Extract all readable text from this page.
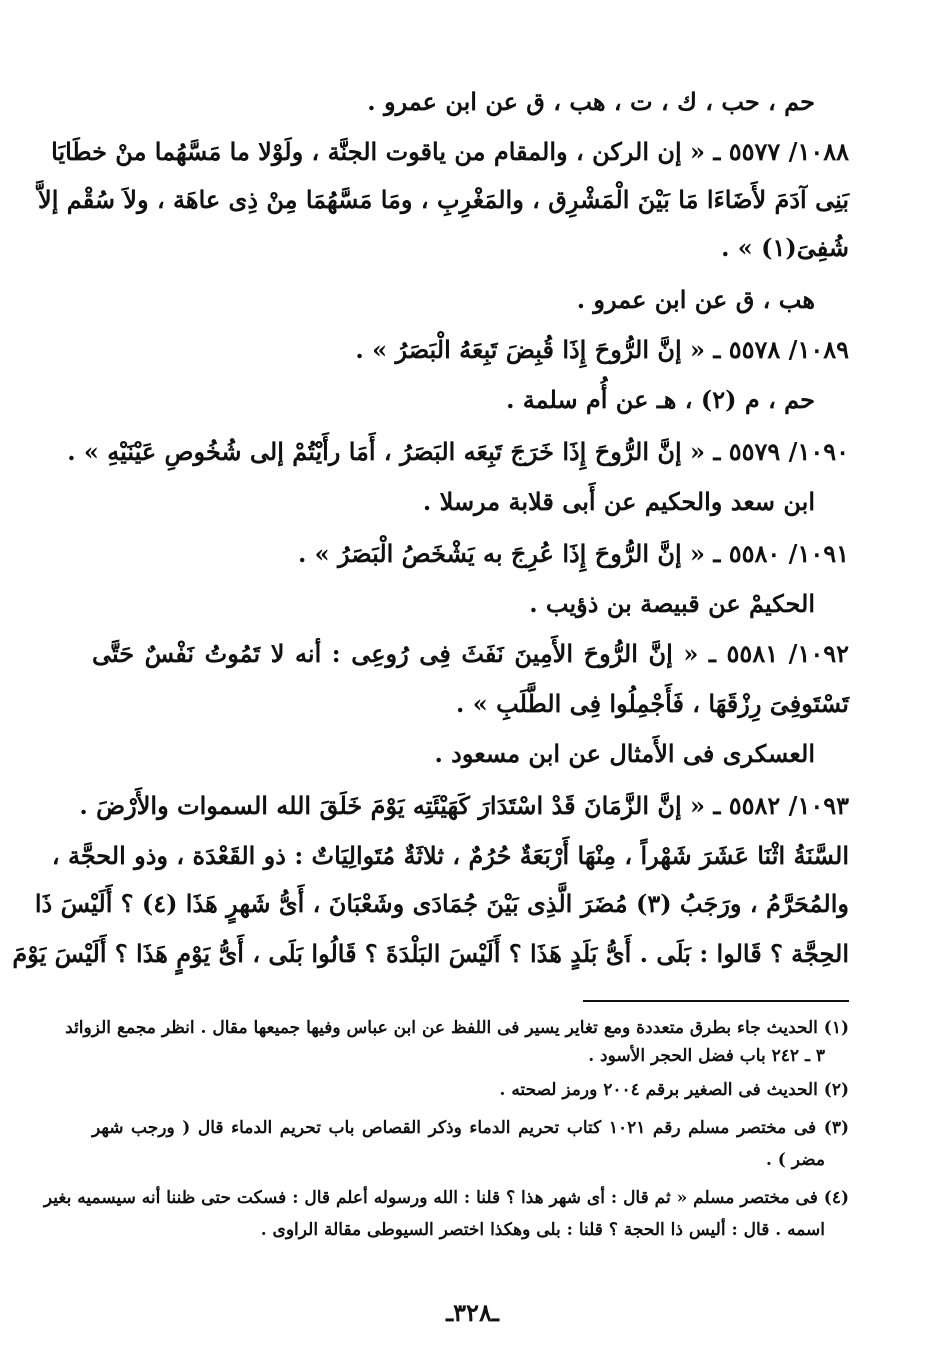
حم ، حب ، ك ، ت ، هب ، ق عن ابن عمرو .
١٠٨٨/ ٥٥٧٧ ـ « إن الركن ، والمقام من ياقوت الجنَّة ، ولَوْلا ما مَسَّهُما منْ خطَايَا
بَنِى آدَمَ لأَضَاءَا مَا بَيْنَ الْمَشْرِق ، والمَغْرِبِ ، ومَا مَسَّهُمَا مِنْ ذِى عاهَة ، ولاَ سُقْم إلاَّ
شُفِىَ(١) » .
هب ، ق عن ابن عمرو .
١٠٨٩/ ٥٥٧٨ ـ « إنَّ الرُّوحَ إِذَا قُبِضَ تَبِعَهُ الْبَصَرُ » .
حم ، م (٢) ، هـ عن أُم سلمة .
١٠٩٠/ ٥٥٧٩ ـ « إنَّ الرُّوحَ إِذَا خَرَجَ تَبِعَه البَصَرُ ، أَمَا رأَيْتُمْ إلى شُخُوصِ عَيْنَيْهِ » .
ابن سعد والحكيم عن أَبى قلابة مرسلا .
١٠٩١/ ٥٥٨٠ ـ « إنَّ الرُّوحَ إِذَا عُرِجَ به يَشْخَصُ الْبَصَرُ » .
الحكيمْ عن قبيصة بن ذؤيب .
١٠٩٢/ ٥٥٨١ ـ « إنَّ الرُّوحَ الأَمِينَ نَفَثَ فِى رُوعِى : أنه لا تَمُوتُ نَفْسٌ حَتَّى
تَسْتَوفِىَ رِزْقَهَا ، فَأَجْمِلُوا فِى الطَّلَبِ » .
العسكرى فى الأَمثال عن ابن مسعود .
١٠٩٣/ ٥٥٨٢ ـ « إنَّ الزَّمَانَ قَدْ اسْتَدَارَ كَهَيْئَتِه يَوْمَ خَلَقَ الله السموات والأَرْضَ .
السَّنَةُ اثْنَا عَشَرَ شَهْراً ، مِنْهَا أَرْبَعَةٌ حُرُمٌ ، ثلاثَةٌ مُتَوالِيَاتٌ : ذو القَعْدَة ، وذو الحجَّة ،
والمُحَرَّمُ ، ورَجَبُ (٣) مُضَرَ الَّذِى بَيْنَ جُمَادَى وشَعْبَانَ ، أَىُّ شَهرٍ هَذَا (٤) ؟ أَلَيْسَ ذَا
الحِجَّة ؟ قَالوا : بَلَى . أَىُّ بَلَدٍ هَذَا ؟ أَلَيْسَ البَلْدَةَ ؟ قَالُوا بَلَى ، أَىُّ يَوْمٍ هَذَا ؟ أَلَيْسَ يَوْمَ
(١) الحديث جاء بطرق متعددة ومع تغاير يسير فى اللفظ عن ابن عباس وفيها جميعها مقال . انظر مجمع الزوائد
٣ ـ ٢٤٢ باب فضل الحجر الأسود .
(٢) الحديث فى الصغير برقم ٢٠٠٤ ورمز لصحته .
(٣) فى مختصر مسلم رقم ١٠٢١ كتاب تحريم الدماء وذكر القصاص باب تحريم الدماء قال ( ورجب شهر
مضر ) .
(٤) فى مختصر مسلم « ثم قال : أى شهر هذا ؟ قلنا : الله ورسوله أعلم قال : فسكت حتى ظننا أنه سيسميه بغير
اسمه . قال : أليس ذا الحجة ؟ قلنا : بلى وهكذا اختصر السيوطى مقالة الراوى .
ـ٣٢٨ـ
